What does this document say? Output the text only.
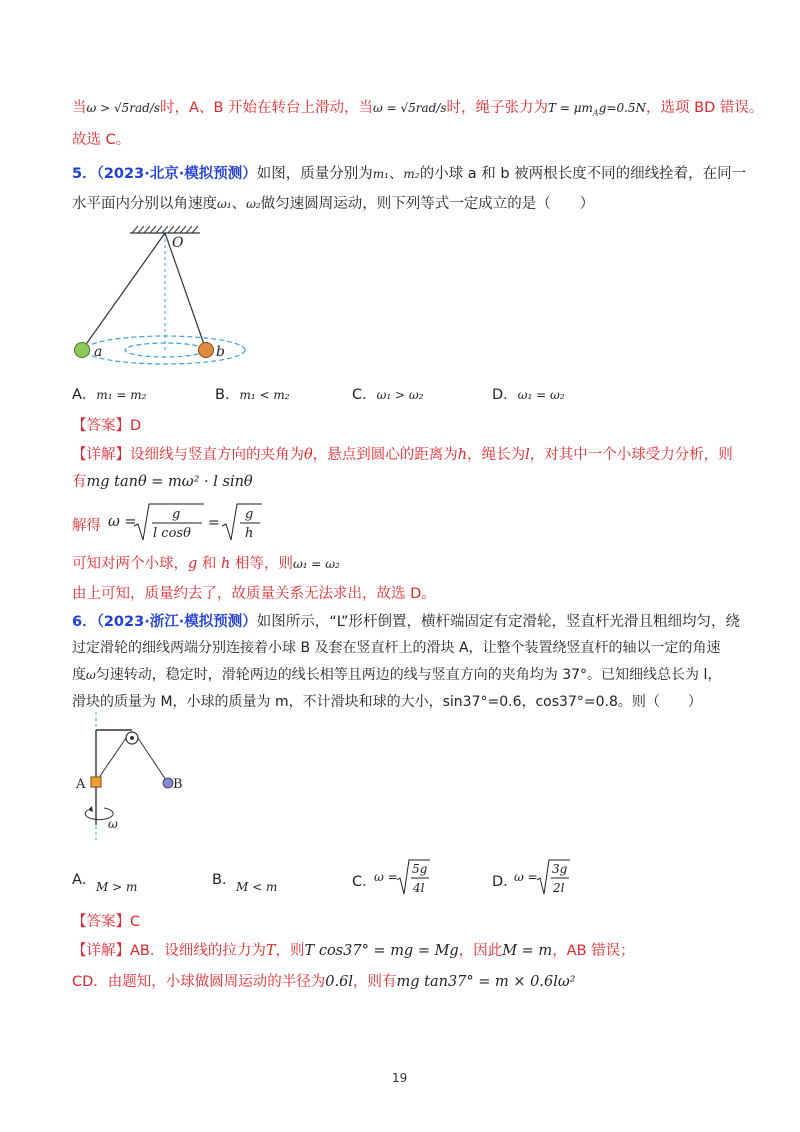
当ω > √5rad/s时，A、B 开始在转台上滑动，当ω = √5rad/s时，绳子张力为$T = \mu m_Ag=0.5N$，选项 BD 错误。
故选 C。
5．（2023·北京·模拟预测）如图，质量分别为m₁、m₂的小球 a 和 b 被两根长度不同的细线拴着，在同一
水平面内分别以角速度ω₁、ω₂做匀速圆周运动，则下列等式一定成立的是（　　）
O
a	b
A．m₁ = m₂	B．m₁ < m₂	C．ω₁ > ω₂	D．ω₁ = ω₂
【答案】D
【详解】设细线与竖直方向的夹角为θ，悬点到圆心的距离为h，绳长为l，对其中一个小球受力分析，则
有mg tanθ = mω² · l sinθ
解得 ω =	g
l cosθ
=
g
h
可知对两个小球，g 和 h 相等，则ω₁ = ω₂
由上可知，质量约去了，故质量关系无法求出，故选 D。
6．（2023·浙江·模拟预测）如图所示，“L”形杆倒置，横杆端固定有定滑轮，竖直杆光滑且粗细均匀，绕
过定滑轮的细线两端分别连接着小球 B 及套在竖直杆上的滑块 A，让整个装置绕竖直杆的轴以一定的角速
度ω匀速转动，稳定时，滑轮两边的线长相等且两边的线与竖直方向的夹角均为 37°。已知细线总长为 l，
滑块的质量为 M，小球的质量为 m，不计滑块和球的大小，sin37°=0.6，cos37°=0.8。则（　　）
A	B
ω
A． M > m	B． M < m	C．
ω =
5g
4l	D．
ω =
3g
2l
【答案】C
【详解】AB．设细线的拉力为T，则T cos37° = mg = Mg，因此M = m，AB 错误；
CD．由题知，小球做圆周运动的半径为0.6l，则有mg tan37° = m × 0.6lω²
19
